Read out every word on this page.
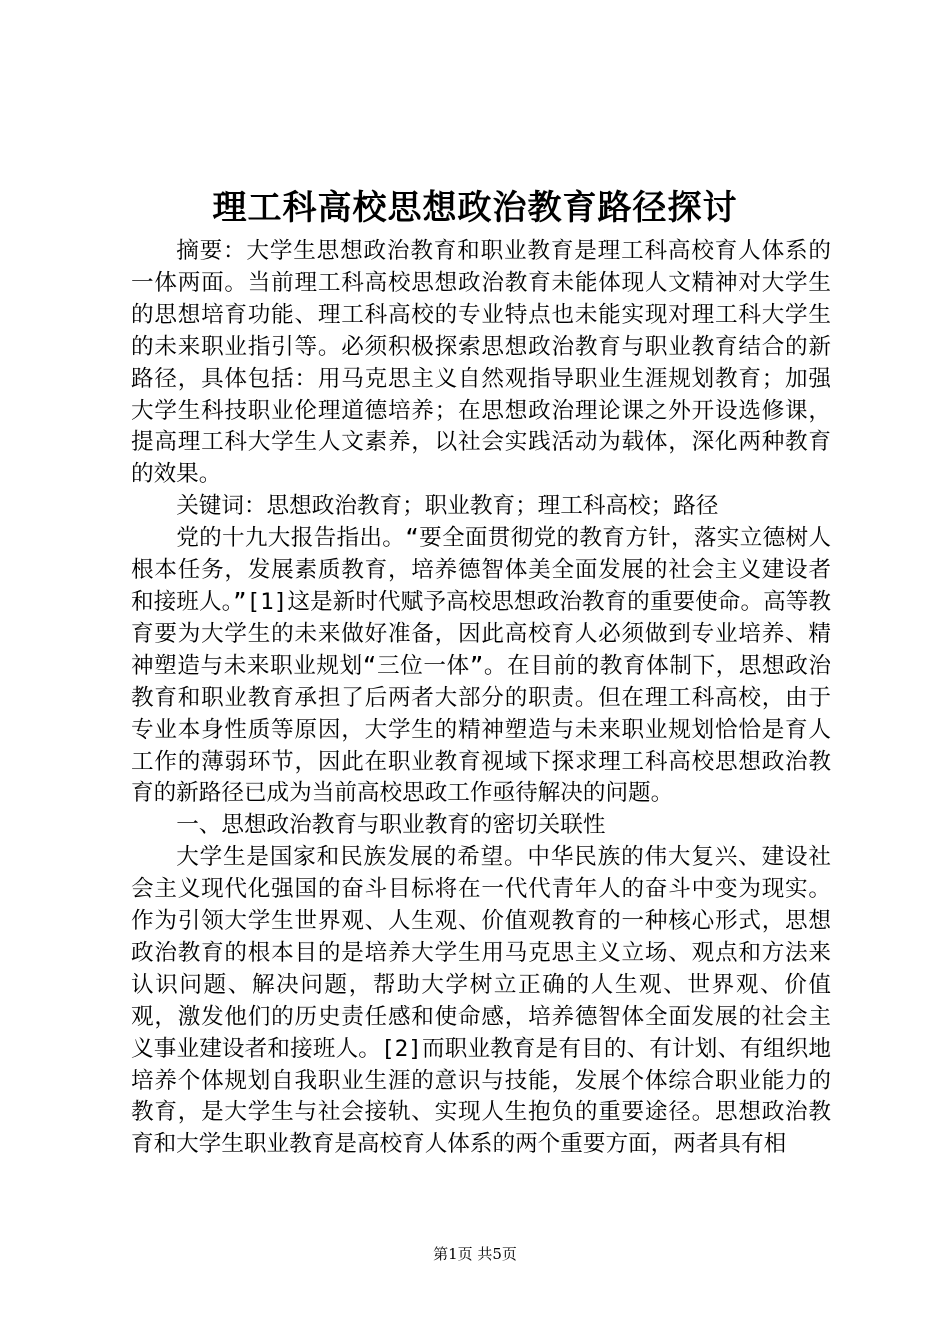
理工科高校思想政治教育路径探讨

摘要：大学生思想政治教育和职业教育是理工科高校育人体系的一体两面。当前理工科高校思想政治教育未能体现人文精神对大学生的思想培育功能、理工科高校的专业特点也未能实现对理工科大学生的未来职业指引等。必须积极探索思想政治教育与职业教育结合的新路径，具体包括：用马克思主义自然观指导职业生涯规划教育；加强大学生科技职业伦理道德培养；在思想政治理论课之外开设选修课，提高理工科大学生人文素养，以社会实践活动为载体，深化两种教育的效果。

关键词：思想政治教育；职业教育；理工科高校；路径

党的十九大报告指出。“要全面贯彻党的教育方针，落实立德树人根本任务，发展素质教育，培养德智体美全面发展的社会主义建设者和接班人。”[1]这是新时代赋予高校思想政治教育的重要使命。高等教育要为大学生的未来做好准备，因此高校育人必须做到专业培养、精神塑造与未来职业规划“三位一体”。在目前的教育体制下，思想政治教育和职业教育承担了后两者大部分的职责。但在理工科高校，由于专业本身性质等原因，大学生的精神塑造与未来职业规划恰恰是育人工作的薄弱环节，因此在职业教育视域下探求理工科高校思想政治教育的新路径已成为当前高校思政工作亟待解决的问题。

一、思想政治教育与职业教育的密切关联性

大学生是国家和民族发展的希望。中华民族的伟大复兴、建设社会主义现代化强国的奋斗目标将在一代代青年人的奋斗中变为现实。作为引领大学生世界观、人生观、价值观教育的一种核心形式，思想政治教育的根本目的是培养大学生用马克思主义立场、观点和方法来认识问题、解决问题，帮助大学树立正确的人生观、世界观、价值观，激发他们的历史责任感和使命感，培养德智体全面发展的社会主义事业建设者和接班人。[2]而职业教育是有目的、有计划、有组织地培养个体规划自我职业生涯的意识与技能，发展个体综合职业能力的教育，是大学生与社会接轨、实现人生抱负的重要途径。思想政治教育和大学生职业教育是高校育人体系的两个重要方面，两者具有相

第1页 共5页
